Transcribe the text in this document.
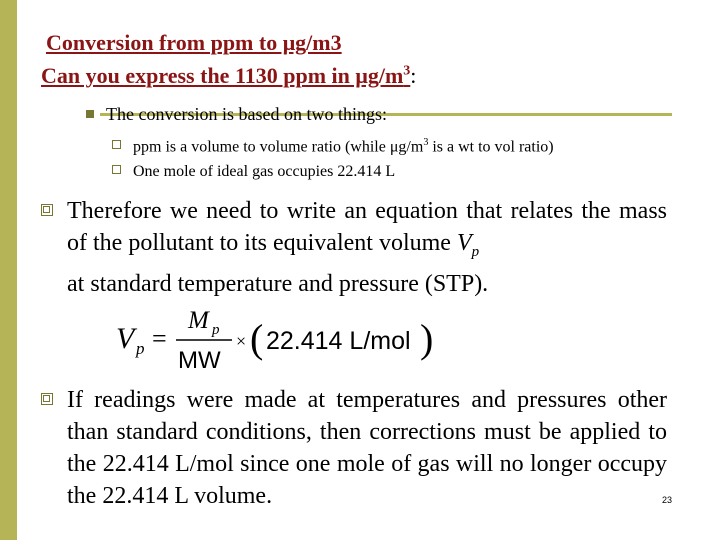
Conversion from ppm to μg/m3
Can you express the 1130 ppm in $\mu g/m^3$:
The conversion is based on two things:
ppm is a volume to volume ratio (while $\mu g/m^3$ is a wt to vol ratio)
One mole of ideal gas occupies 22.414 L
Therefore we need to write an equation that relates the mass of the pollutant to its equivalent volume $V_p$
at standard temperature and pressure (STP).
V p =
M p
MW
× ( 22.414 L/mol )
If readings were made at temperatures and pressures other than standard conditions, then corrections must be applied to the 22.414 L/mol since one mole of gas will no longer occupy the 22.414 L volume.	23
